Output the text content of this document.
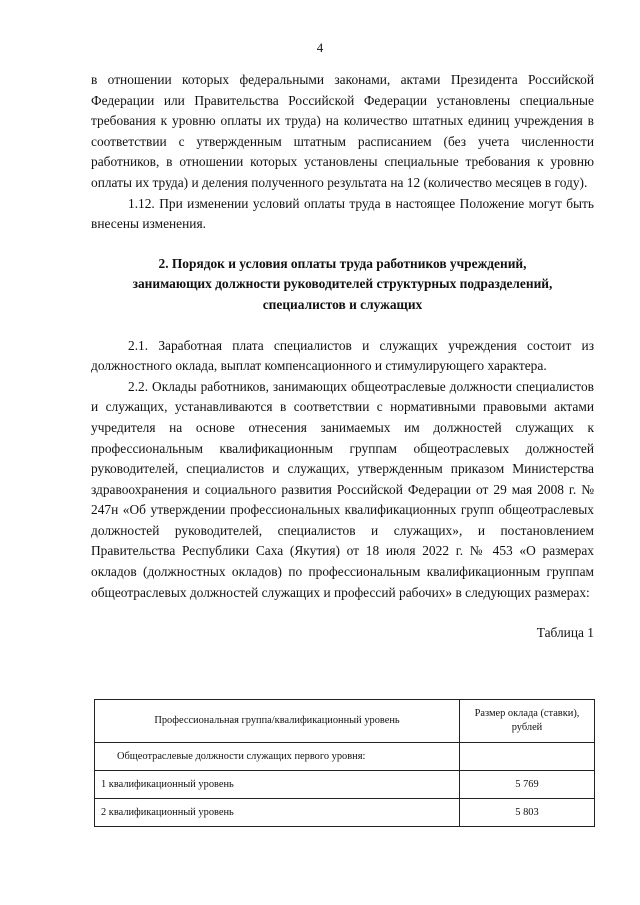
4

в отношении которых федеральными законами, актами Президента Российской Федерации или Правительства Российской Федерации установлены специальные требования к уровню оплаты их труда) на количество штатных единиц учреждения в соответствии с утвержденным штатным расписанием (без учета численности работников, в отношении которых установлены специальные требования к уровню оплаты их труда) и деления полученного результата на 12 (количество месяцев в году).

1.12. При изменении условий оплаты труда в настоящее Положение могут быть внесены изменения.

2. Порядок и условия оплаты труда работников учреждений, занимающих должности руководителей структурных подразделений, специалистов и служащих

2.1. Заработная плата специалистов и служащих учреждения состоит из должностного оклада, выплат компенсационного и стимулирующего характера.

2.2. Оклады работников, занимающих общеотраслевые должности специалистов и служащих, устанавливаются в соответствии с нормативными правовыми актами учредителя на основе отнесения занимаемых им должностей служащих к профессиональным квалификационным группам общеотраслевых должностей руководителей, специалистов и служащих, утвержденным приказом Министерства здравоохранения и социального развития Российской Федерации от 29 мая 2008 г. № 247н «Об утверждении профессиональных квалификационных групп общеотраслевых должностей руководителей, специалистов и служащих», и постановлением Правительства Республики Саха (Якутия) от 18 июля 2022 г. № 453 «О размерах окладов (должностных окладов) по профессиональным квалификационным группам общеотраслевых должностей служащих и профессий рабочих» в следующих размерах:

Таблица 1
Профессиональная группа/квалификационный уровень	Размер оклада (ставки), рублей
Общеотраслевые должности служащих первого уровня:	
1 квалификационный уровень	5 769
2 квалификационный уровень	5 803
